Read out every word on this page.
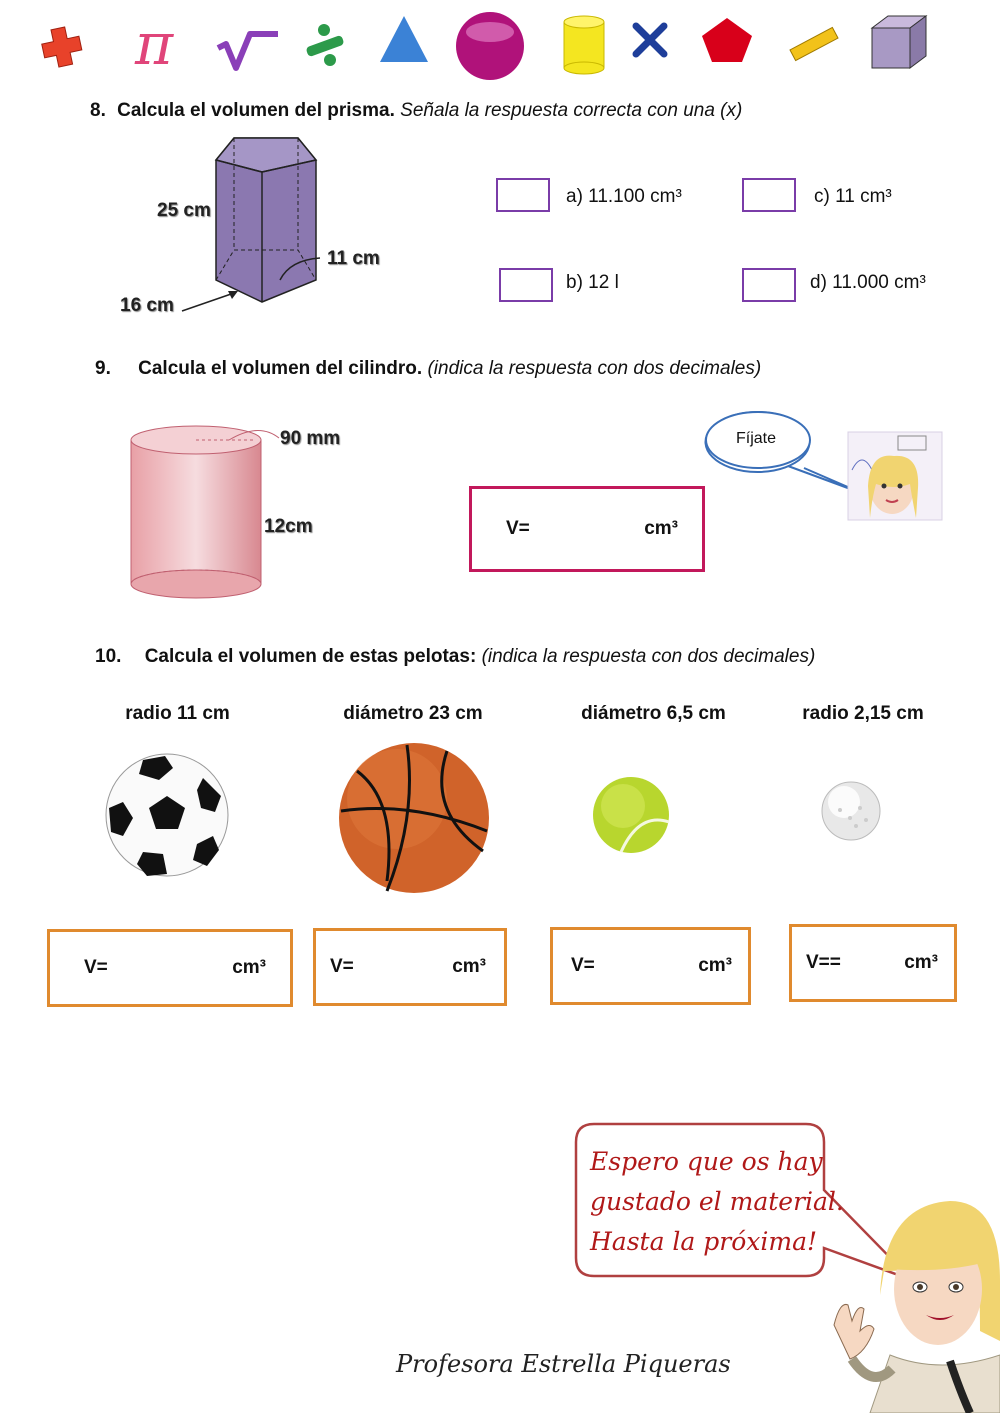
π
8. Calcula el volumen del prisma. Señala la respuesta correcta con una (x)
25 cm
11 cm
16 cm
a) 11.100 cm³
b) 12 l
c) 11 cm³
d) 11.000 cm³
9. Calcula el volumen del cilindro. (indica la respuesta con dos decimales)
90 mm
12cm	V=	cm³
Fíjate
10. Calcula el volumen de estas pelotas: (indica la respuesta con dos decimales)
radio 11 cm	diámetro 23 cm	diámetro 6,5 cm	radio 2,15 cm
V=	cm³	V=	cm³	V=	cm³	V==	cm³
Espero que os hay
gustado el material.
Hasta la próxima!
Profesora Estrella Piqueras
